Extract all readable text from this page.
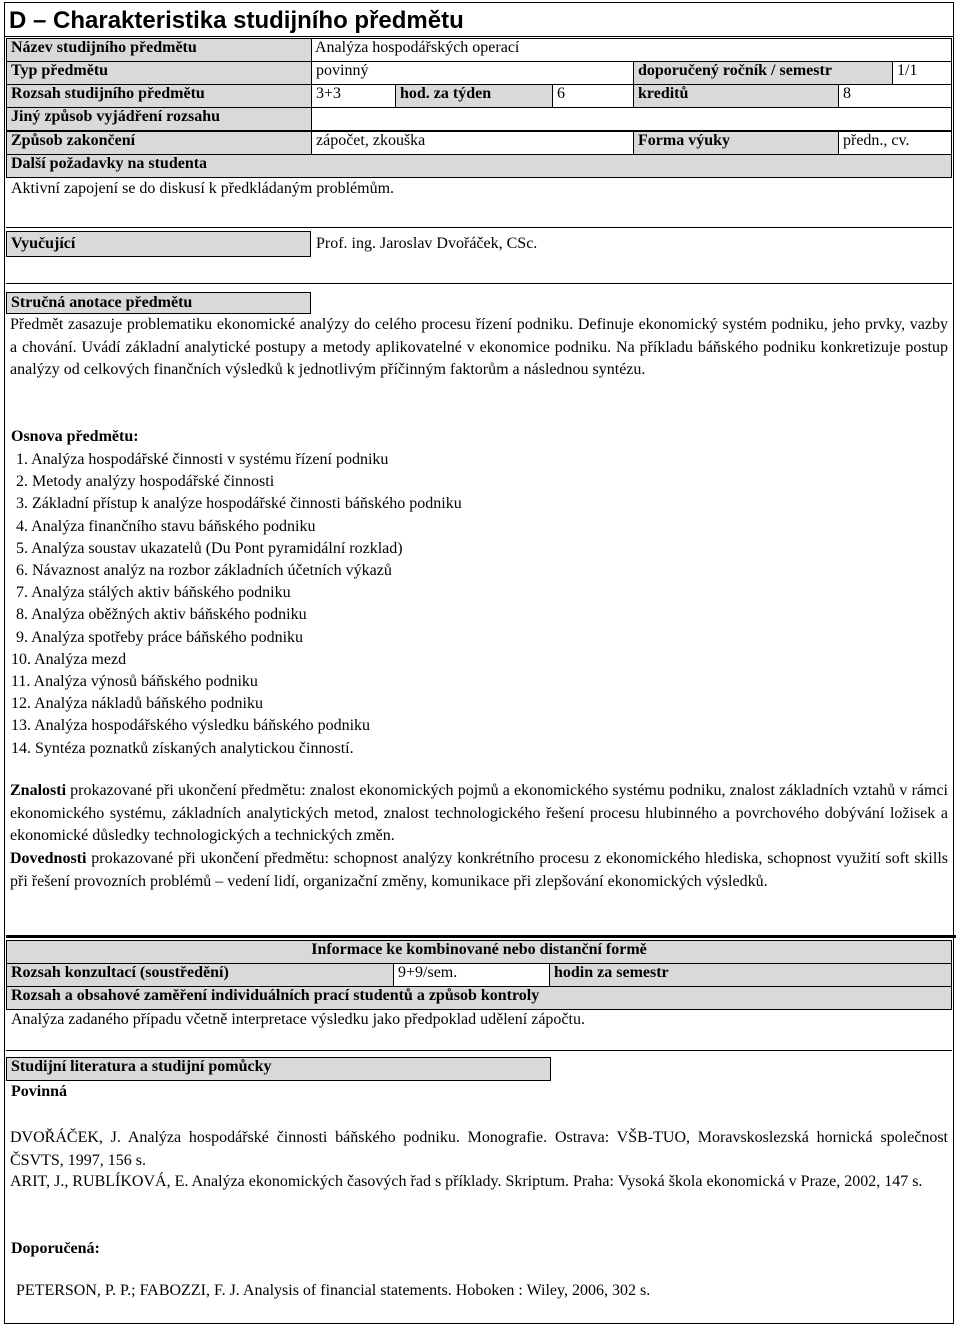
D – Charakteristika studijního předmětu
Název studijního předmětu	Analýza hospodářských operací
Typ předmětu	povinný	doporučený ročník / semestr	1/1
Rozsah studijního předmětu	3+3	hod. za týden	6	kreditů	8
Jiný způsob vyjádření rozsahu
Způsob zakončení	zápočet, zkouška	Forma výuky	předn., cv.
Další požadavky na studenta
Aktivní zapojení se do diskusí k předkládaným problémům.
Vyučující	Prof. ing. Jaroslav Dvořáček, CSc.
Stručná anotace předmětu
Předmět zasazuje problematiku ekonomické analýzy do celého procesu řízení podniku. Definuje ekonomický systém podniku, jeho prvky, vazby a chování. Uvádí základní analytické postupy a metody aplikovatelné v ekonomice podniku. Na příkladu báňského podniku konkretizuje postup analýzy od celkových finančních výsledků k jednotlivým příčinným faktorům a následnou syntézu.
Osnova předmětu:
1. Analýza hospodářské činnosti v systému řízení podniku
2. Metody analýzy hospodářské činnosti
3. Základní přístup k analýze hospodářské činnosti báňského podniku
4. Analýza finančního stavu báňského podniku
5. Analýza soustav ukazatelů (Du Pont pyramidální rozklad)
6. Návaznost analýz na rozbor základních účetních výkazů
7. Analýza stálých aktiv báňského podniku
8. Analýza oběžných aktiv báňského podniku
9. Analýza spotřeby práce báňského podniku
10. Analýza mezd
11. Analýza výnosů báňského podniku
12. Analýza nákladů báňského podniku
13. Analýza hospodářského výsledku báňského podniku
14. Syntéza poznatků získaných analytickou činností.
Znalosti prokazované při ukončení předmětu: znalost ekonomických pojmů a ekonomického systému podniku, znalost základních vztahů v rámci ekonomického systému, základních analytických metod, znalost technologického řešení procesu hlubinného a povrchového dobývání ložisek a ekonomické důsledky technologických a technických změn.
Dovednosti prokazované při ukončení předmětu: schopnost analýzy konkrétního procesu z ekonomického hlediska, schopnost využití soft skills při řešení provozních problémů – vedení lidí, organizační změny, komunikace při zlepšování ekonomických výsledků.
Informace ke kombinované nebo distanční formě
Rozsah konzultací (soustředění)	9+9/sem.	hodin za semestr
Rozsah a obsahové zaměření individuálních prací studentů a způsob kontroly
Analýza zadaného případu včetně interpretace výsledku jako předpoklad udělení zápočtu.
Studijní literatura a studijní pomůcky
Povinná
DVOŘÁČEK, J. Analýza hospodářské činnosti báňského podniku. Monografie. Ostrava: VŠB-TUO, Moravskoslezská hornická společnost ČSVTS, 1997, 156 s.
ARIT, J., RUBLÍKOVÁ, E. Analýza ekonomických časových řad s příklady. Skriptum. Praha: Vysoká škola ekonomická v Praze, 2002, 147 s.
Doporučená:
PETERSON, P. P.; FABOZZI, F. J. Analysis of financial statements. Hoboken : Wiley, 2006, 302 s.
